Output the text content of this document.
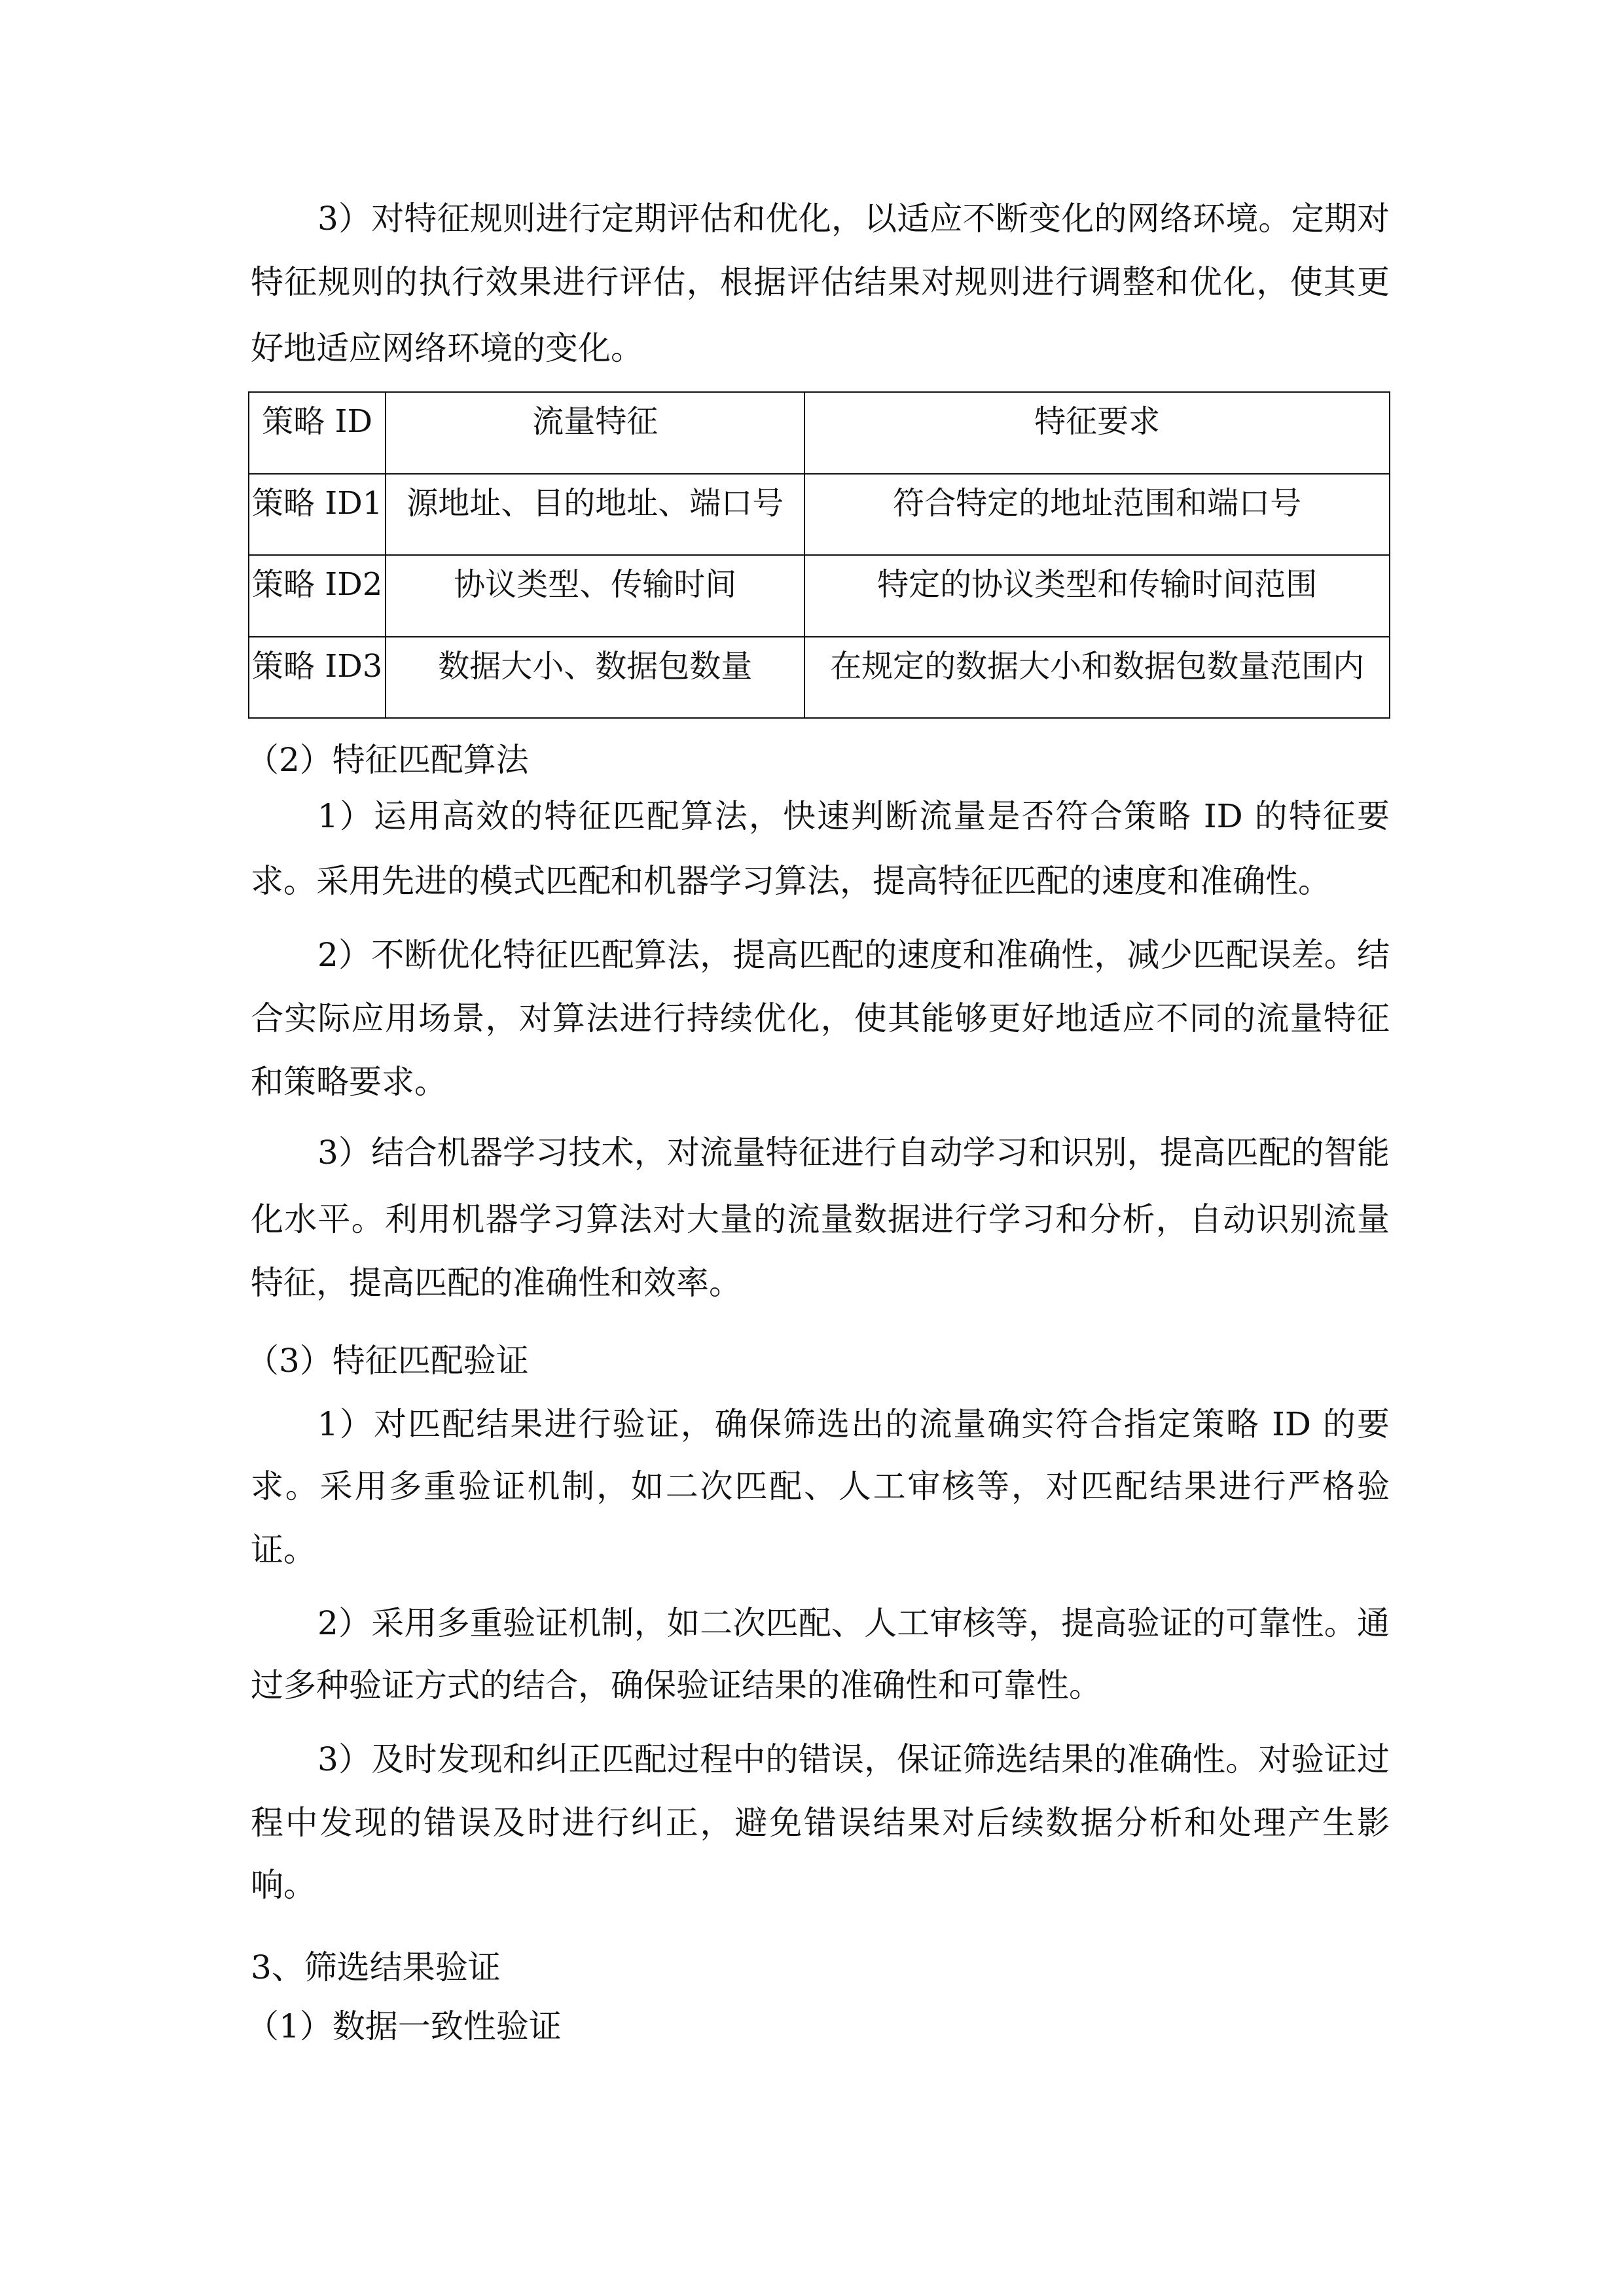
3）对特征规则进行定期评估和优化，以适应不断变化的网络环境。定期对
特征规则的执行效果进行评估，根据评估结果对规则进行调整和优化，使其更
好地适应网络环境的变化。
策略 ID	流量特征	特征要求
策略 ID1	源地址、目的地址、端口号	符合特定的地址范围和端口号
策略 ID2	协议类型、传输时间	特定的协议类型和传输时间范围
策略 ID3	数据大小、数据包数量	在规定的数据大小和数据包数量范围内
（2）特征匹配算法
1）运用高效的特征匹配算法，快速判断流量是否符合策略 ID 的特征要
求。采用先进的模式匹配和机器学习算法，提高特征匹配的速度和准确性。
2）不断优化特征匹配算法，提高匹配的速度和准确性，减少匹配误差。结
合实际应用场景，对算法进行持续优化，使其能够更好地适应不同的流量特征
和策略要求。
3）结合机器学习技术，对流量特征进行自动学习和识别，提高匹配的智能
化水平。利用机器学习算法对大量的流量数据进行学习和分析，自动识别流量
特征，提高匹配的准确性和效率。
（3）特征匹配验证
1）对匹配结果进行验证，确保筛选出的流量确实符合指定策略 ID 的要
求。采用多重验证机制，如二次匹配、人工审核等，对匹配结果进行严格验
证。
2）采用多重验证机制，如二次匹配、人工审核等，提高验证的可靠性。通
过多种验证方式的结合，确保验证结果的准确性和可靠性。
3）及时发现和纠正匹配过程中的错误，保证筛选结果的准确性。对验证过
程中发现的错误及时进行纠正，避免错误结果对后续数据分析和处理产生影
响。
3、筛选结果验证
（1）数据一致性验证
